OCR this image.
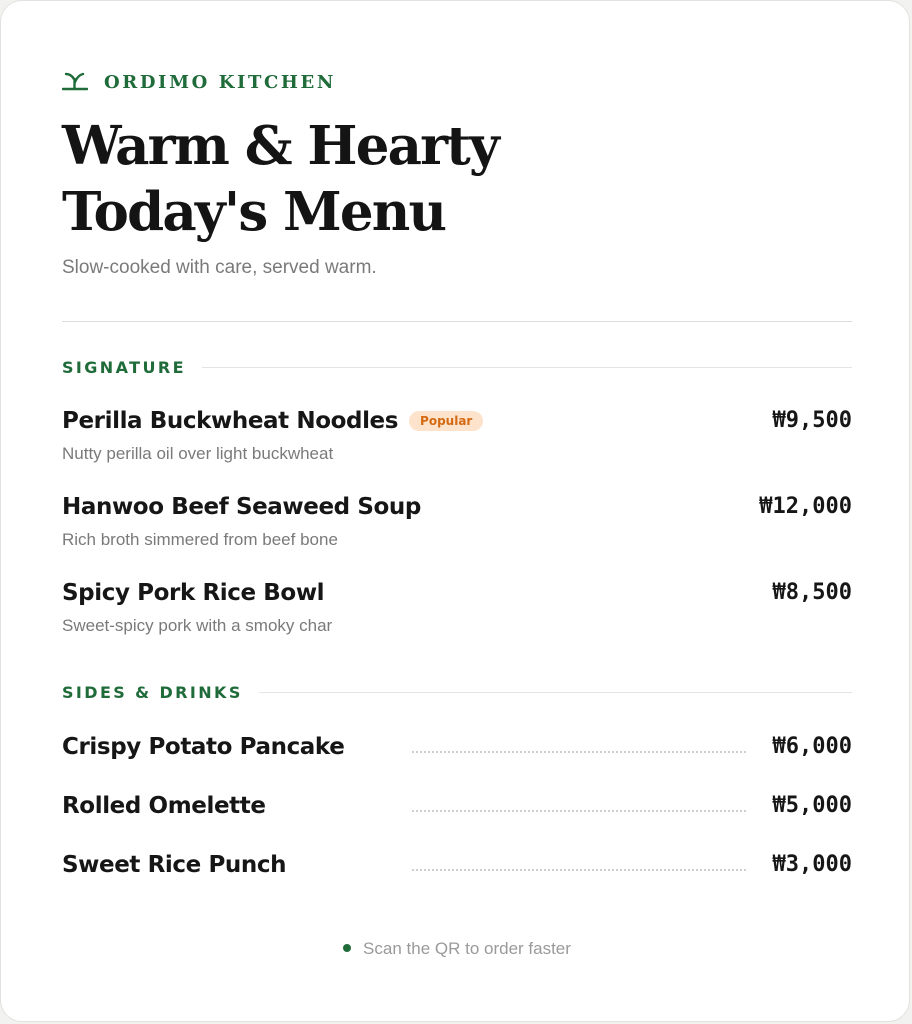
ORDIMO KITCHEN
Warm & Hearty
Today's Menu
Slow-cooked with care, served warm.
SIGNATURE
Perilla Buckwheat Noodles	Popular
Nutty perilla oil over light buckwheat
₩9,500
Hanwoo Beef Seaweed Soup
Rich broth simmered from beef bone
₩12,000
Spicy Pork Rice Bowl
Sweet-spicy pork with a smoky char
₩8,500
SIDES & DRINKS
Crispy Potato Pancake	₩6,000
Rolled Omelette	₩5,000
Sweet Rice Punch	₩3,000
Scan the QR to order faster
